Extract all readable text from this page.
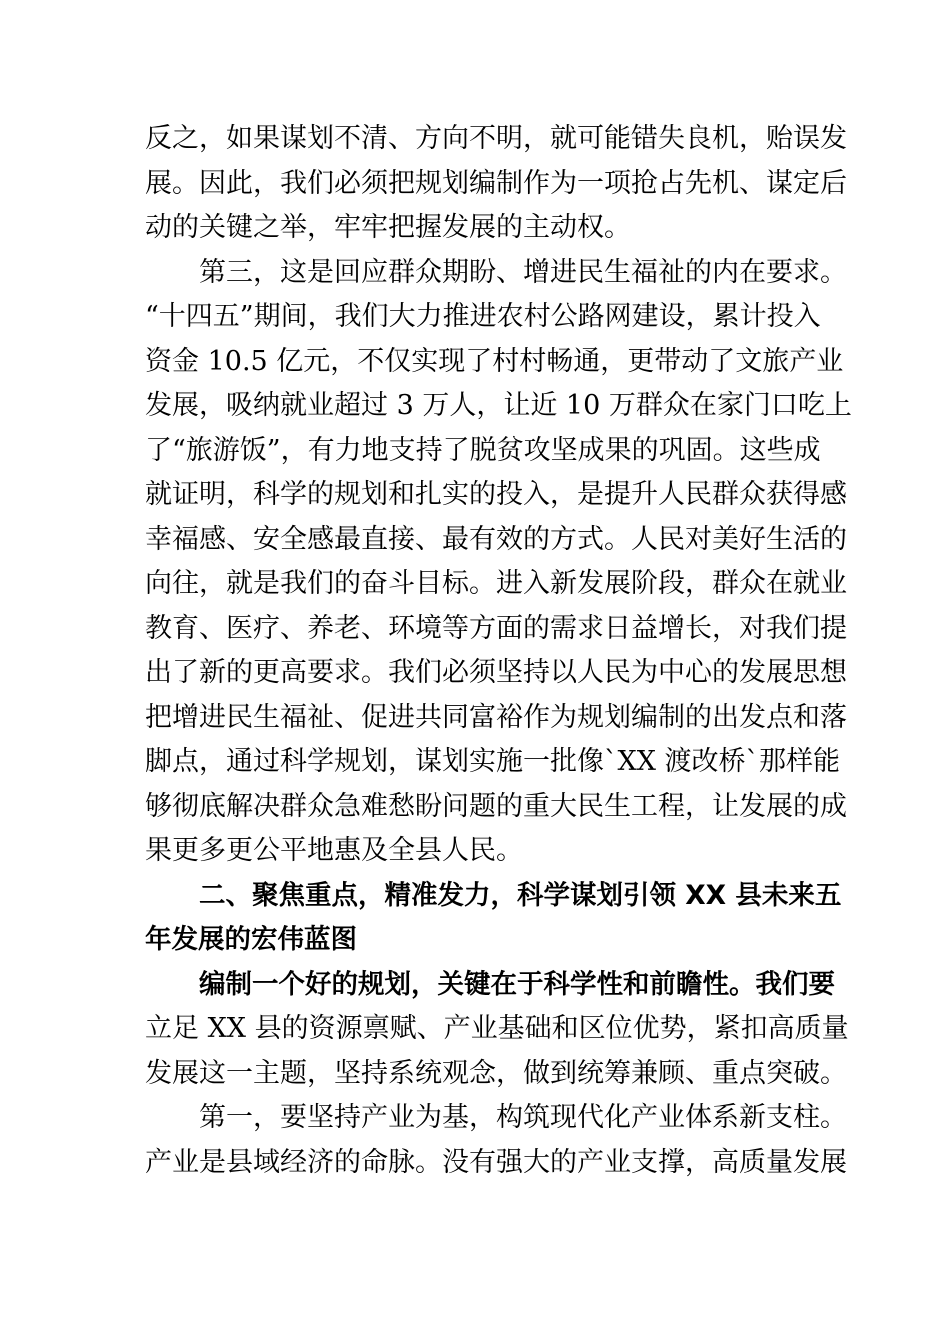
反之，如果谋划不清、方向不明，就可能错失良机，贻误发
展。因此，我们必须把规划编制作为一项抢占先机、谋定后
动的关键之举，牢牢把握发展的主动权。
第三，这是回应群众期盼、增进民生福祉的内在要求。
“十四五”期间，我们大力推进农村公路网建设，累计投入
资金 10.5 亿元，不仅实现了村村畅通，更带动了文旅产业
发展，吸纳就业超过 3 万人，让近 10 万群众在家门口吃上
了“旅游饭”，有力地支持了脱贫攻坚成果的巩固。这些成
就证明，科学的规划和扎实的投入，是提升人民群众获得感
幸福感、安全感最直接、最有效的方式。人民对美好生活的
向往，就是我们的奋斗目标。进入新发展阶段，群众在就业
教育、医疗、养老、环境等方面的需求日益增长，对我们提
出了新的更高要求。我们必须坚持以人民为中心的发展思想
把增进民生福祉、促进共同富裕作为规划编制的出发点和落
脚点，通过科学规划，谋划实施一批像`XX 渡改桥`那样能
够彻底解决群众急难愁盼问题的重大民生工程，让发展的成
果更多更公平地惠及全县人民。
二、聚焦重点，精准发力，科学谋划引领 XX 县未来五
年发展的宏伟蓝图
编制一个好的规划，关键在于科学性和前瞻性。我们要
立足 XX 县的资源禀赋、产业基础和区位优势，紧扣高质量
发展这一主题，坚持系统观念，做到统筹兼顾、重点突破。
第一，要坚持产业为基，构筑现代化产业体系新支柱。
产业是县域经济的命脉。没有强大的产业支撑，高质量发展
